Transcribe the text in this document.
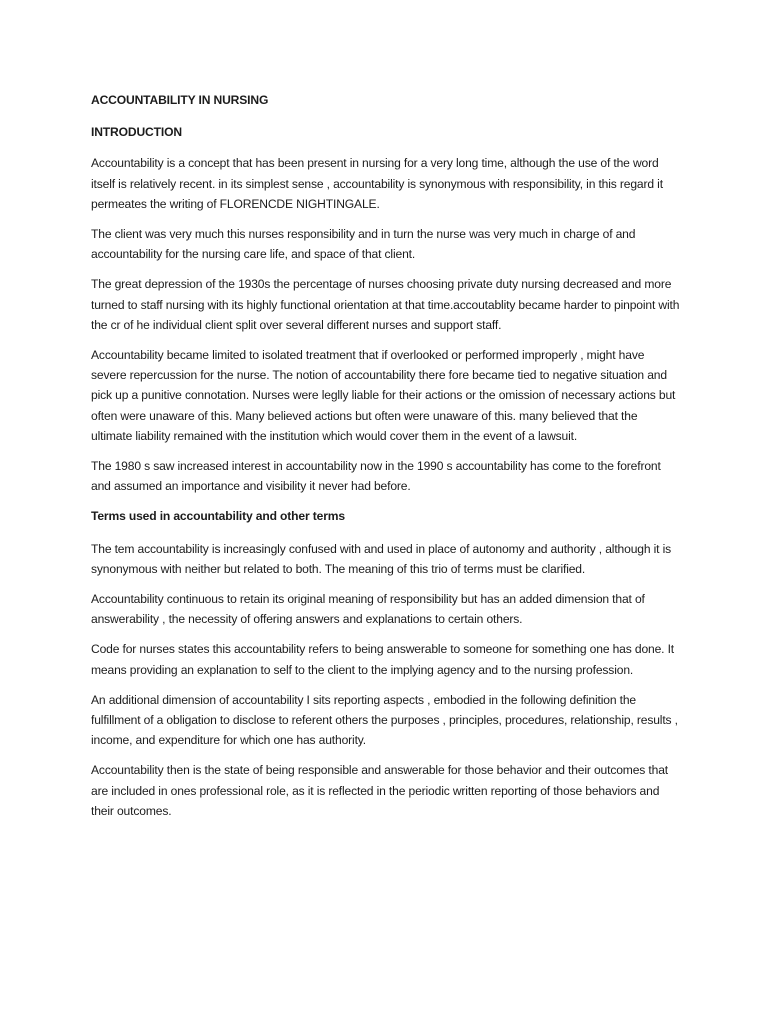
ACCOUNTABILITY IN NURSING

INTRODUCTION

Accountability is a concept that has been present in nursing for a very long time, although the use of the word itself is relatively recent. in its simplest sense , accountability is synonymous with responsibility, in this regard it permeates the writing of FLORENCDE NIGHTINGALE.

The client was very much this nurses responsibility and in turn the nurse was very much in charge of and accountability for the nursing care life, and space of that client.

The great depression of the 1930s the percentage of nurses choosing private duty nursing decreased and more turned to staff nursing with its highly functional orientation at that time.accoutablity became harder to pinpoint with the cr of he individual client split over several different nurses and support staff.

Accountability became limited to isolated treatment that if overlooked or performed improperly , might have severe repercussion for the nurse. The notion of accountability there fore became tied to negative situation and pick up a punitive connotation. Nurses were leglly liable for their actions or the omission of necessary actions but often were unaware of this. Many believed actions but often were unaware of this. many believed that the ultimate liability remained with the institution which would cover them in the event of a lawsuit.

The 1980 s saw increased interest in accountability now in the 1990 s accountability has come to the forefront and assumed an importance and visibility it never had before.

Terms used in accountability and other terms

The tem accountability is increasingly confused with and used in place of autonomy and authority , although it is synonymous with neither but related to both. The meaning of this trio of terms must be clarified.

Accountability continuous to retain its original meaning of responsibility but has an added dimension that of answerability , the necessity of offering answers and explanations to certain others.

Code for nurses states this accountability refers to being answerable to someone for something one has done. It means providing an explanation to self to the client to the implying agency and to the nursing profession.

An additional dimension of accountability I sits reporting aspects , embodied in the following definition the fulfillment of a obligation to disclose to referent others the purposes , principles, procedures, relationship, results , income, and expenditure for which one has authority.

Accountability then is the state of being responsible and answerable for those behavior and their outcomes that are included in ones professional role, as it is reflected in the periodic written reporting of those behaviors and their outcomes.
